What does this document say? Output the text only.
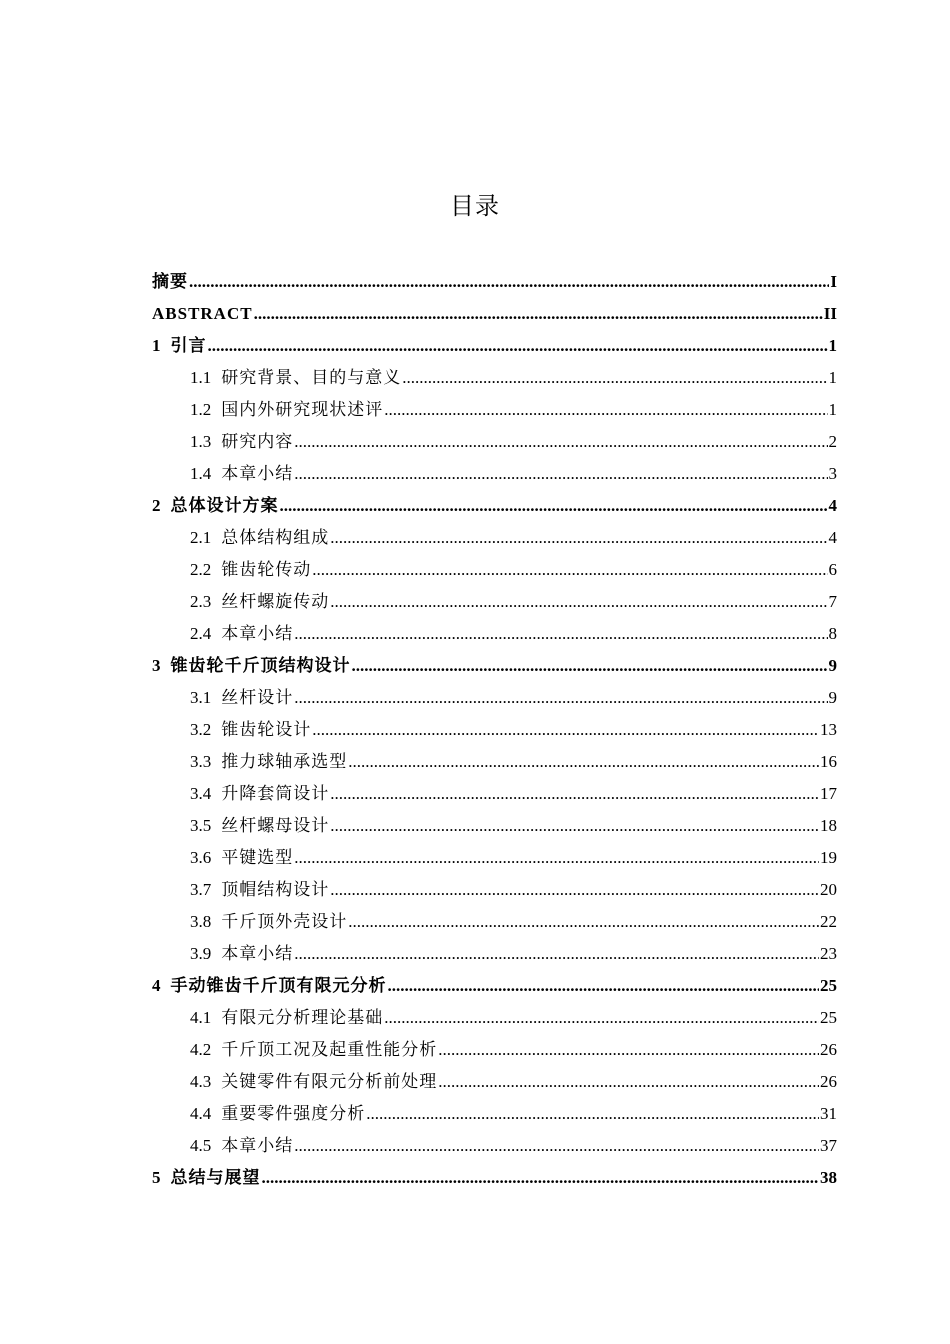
目录
摘要 .....	I
ABSTRACT .....	II
1 引言 .....	1
1.1 研究背景、目的与意义 .....	1
1.2 国内外研究现状述评 .....	1
1.3 研究内容 .....	2
1.4 本章小结 .....	3
2 总体设计方案 .....	4
2.1 总体结构组成 .....	4
2.2 锥齿轮传动 .....	6
2.3 丝杆螺旋传动 .....	7
2.4 本章小结 .....	8
3 锥齿轮千斤顶结构设计 .....	9
3.1 丝杆设计 .....	9
3.2 锥齿轮设计 .....	13
3.3 推力球轴承选型 .....	16
3.4 升降套筒设计 .....	17
3.5 丝杆螺母设计 .....	18
3.6 平键选型 .....	19
3.7 顶帽结构设计 .....	20
3.8 千斤顶外壳设计 .....	22
3.9 本章小结 .....	23
4 手动锥齿千斤顶有限元分析 .....	25
4.1 有限元分析理论基础 .....	25
4.2 千斤顶工况及起重性能分析 .....	26
4.3 关键零件有限元分析前处理 .....	26
4.4 重要零件强度分析 .....	31
4.5 本章小结 .....	37
5 总结与展望 .....	38
